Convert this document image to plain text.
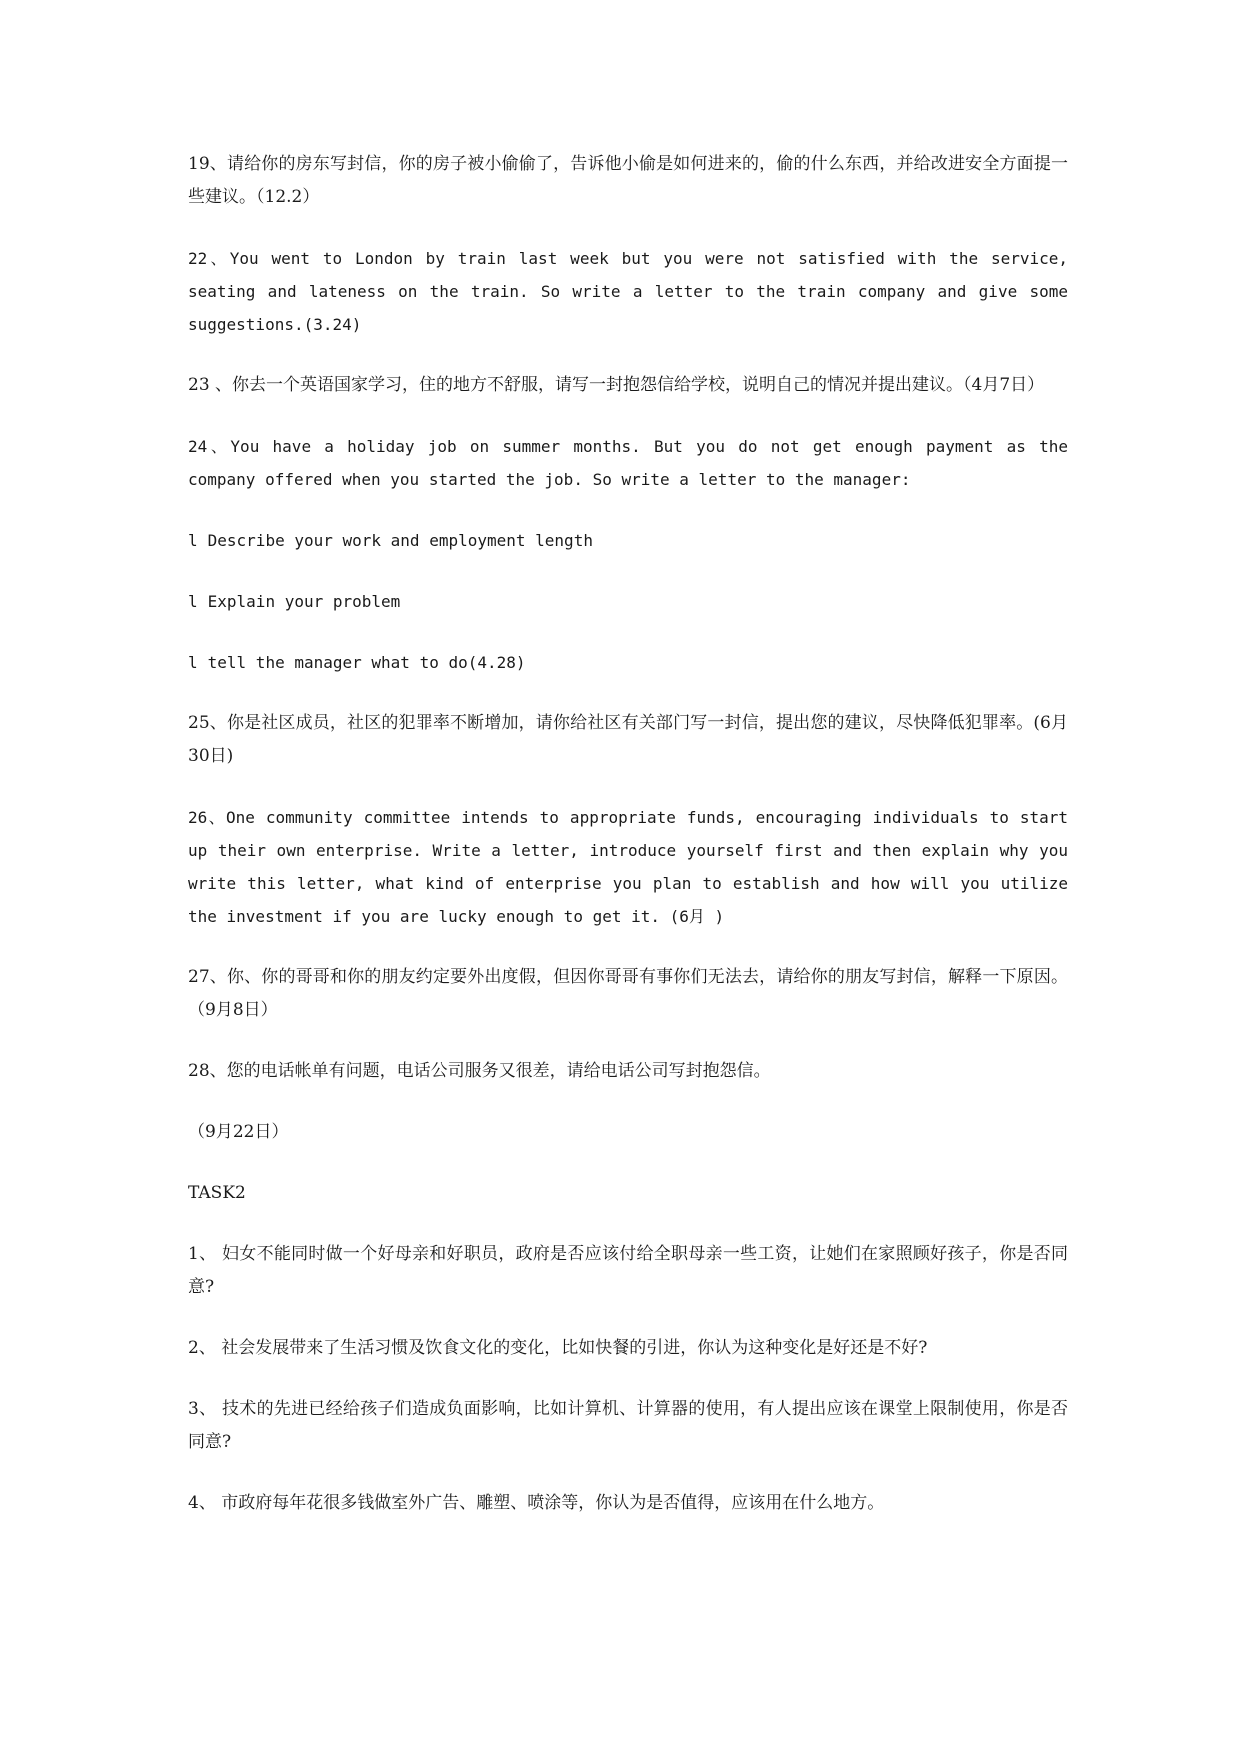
19、请给你的房东写封信，你的房子被小偷偷了，告诉他小偷是如何进来的，偷的什么东西，并给改进安全方面提一些建议。（12.2）

22、You went to London by train last week but you were not satisfied with the service, seating and lateness on the train. So write a letter to the train company and give some suggestions.(3.24)

23 、你去一个英语国家学习，住的地方不舒服，请写一封抱怨信给学校，说明自己的情况并提出建议。（4月7日）

24、You have a holiday job on summer months. But you do not get enough payment as the company offered when you started the job. So write a letter to the manager:

l Describe your work and employment length

l Explain your problem

l tell the manager what to do(4.28)

25、你是社区成员，社区的犯罪率不断增加，请你给社区有关部门写一封信，提出您的建议，尽快降低犯罪率。(6月30日)

26、One community committee intends to appropriate funds, encouraging individuals to start up their own enterprise. Write a letter, introduce yourself first and then explain why you write this letter, what kind of enterprise you plan to establish and how will you utilize the investment if you are lucky enough to get it. (6月 )

27、你、你的哥哥和你的朋友约定要外出度假，但因你哥哥有事你们无法去，请给你的朋友写封信，解释一下原因。（9月8日）

28、您的电话帐单有问题，电话公司服务又很差，请给电话公司写封抱怨信。

（9月22日）

TASK2

1、 妇女不能同时做一个好母亲和好职员，政府是否应该付给全职母亲一些工资，让她们在家照顾好孩子，你是否同意?

2、 社会发展带来了生活习惯及饮食文化的变化，比如快餐的引进，你认为这种变化是好还是不好?

3、 技术的先进已经给孩子们造成负面影响，比如计算机、计算器的使用，有人提出应该在课堂上限制使用，你是否同意?

4、 市政府每年花很多钱做室外广告、雕塑、喷涂等，你认为是否值得，应该用在什么地方。
